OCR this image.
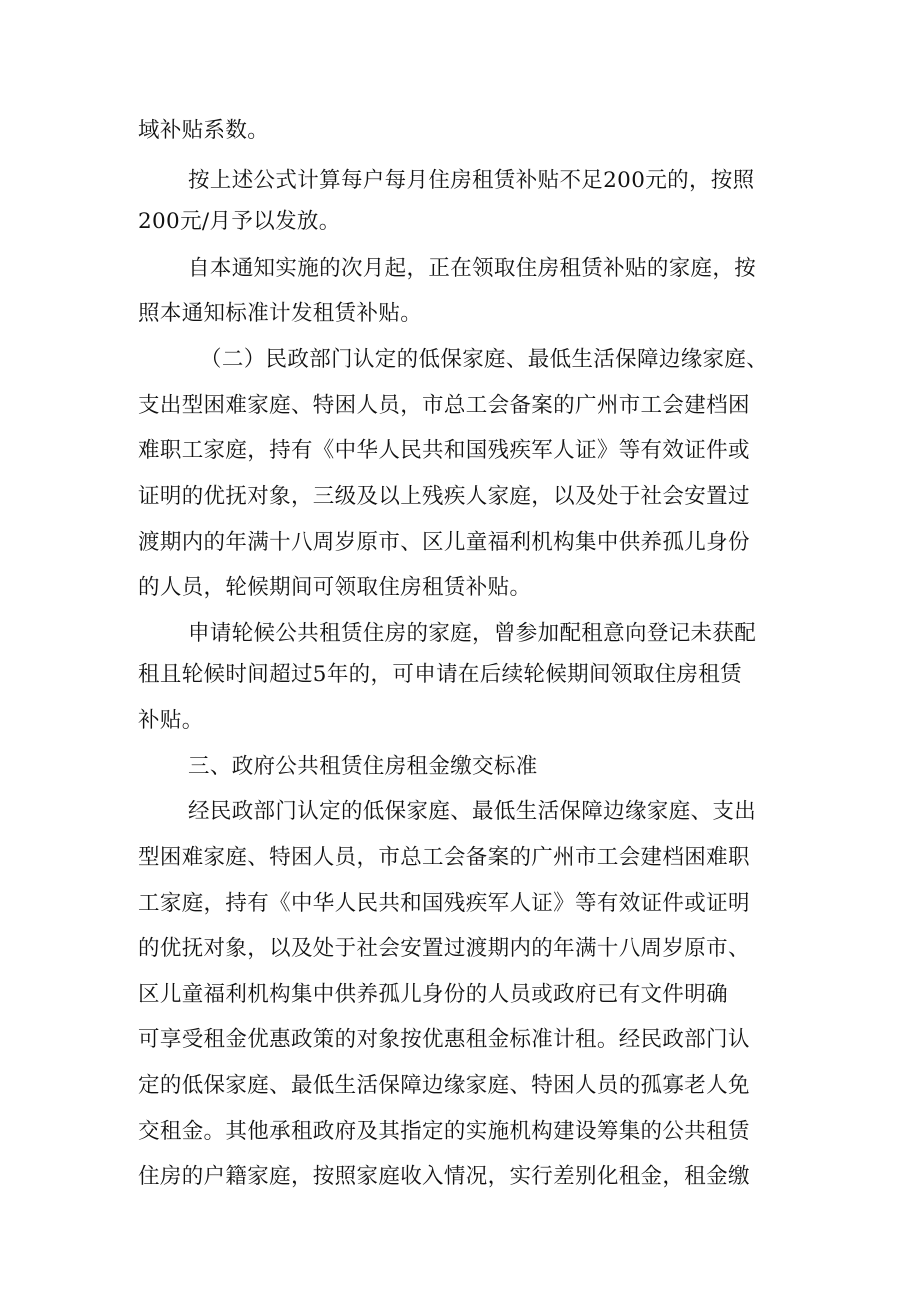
域补贴系数。
按上述公式计算每户每月住房租赁补贴不足200元的，按照
200元/月予以发放。
自本通知实施的次月起，正在领取住房租赁补贴的家庭，按
照本通知标准计发租赁补贴。
（二）民政部门认定的低保家庭、最低生活保障边缘家庭、
支出型困难家庭、特困人员，市总工会备案的广州市工会建档困
难职工家庭，持有《中华人民共和国残疾军人证》等有效证件或
证明的优抚对象，三级及以上残疾人家庭，以及处于社会安置过
渡期内的年满十八周岁原市、区儿童福利机构集中供养孤儿身份
的人员，轮候期间可领取住房租赁补贴。
申请轮候公共租赁住房的家庭，曾参加配租意向登记未获配
租且轮候时间超过5年的，可申请在后续轮候期间领取住房租赁
补贴。
三、政府公共租赁住房租金缴交标准
经民政部门认定的低保家庭、最低生活保障边缘家庭、支出
型困难家庭、特困人员，市总工会备案的广州市工会建档困难职
工家庭，持有《中华人民共和国残疾军人证》等有效证件或证明
的优抚对象，以及处于社会安置过渡期内的年满十八周岁原市、
区儿童福利机构集中供养孤儿身份的人员或政府已有文件明确
可享受租金优惠政策的对象按优惠租金标准计租。经民政部门认
定的低保家庭、最低生活保障边缘家庭、特困人员的孤寡老人免
交租金。其他承租政府及其指定的实施机构建设筹集的公共租赁
住房的户籍家庭，按照家庭收入情况，实行差别化租金，租金缴
